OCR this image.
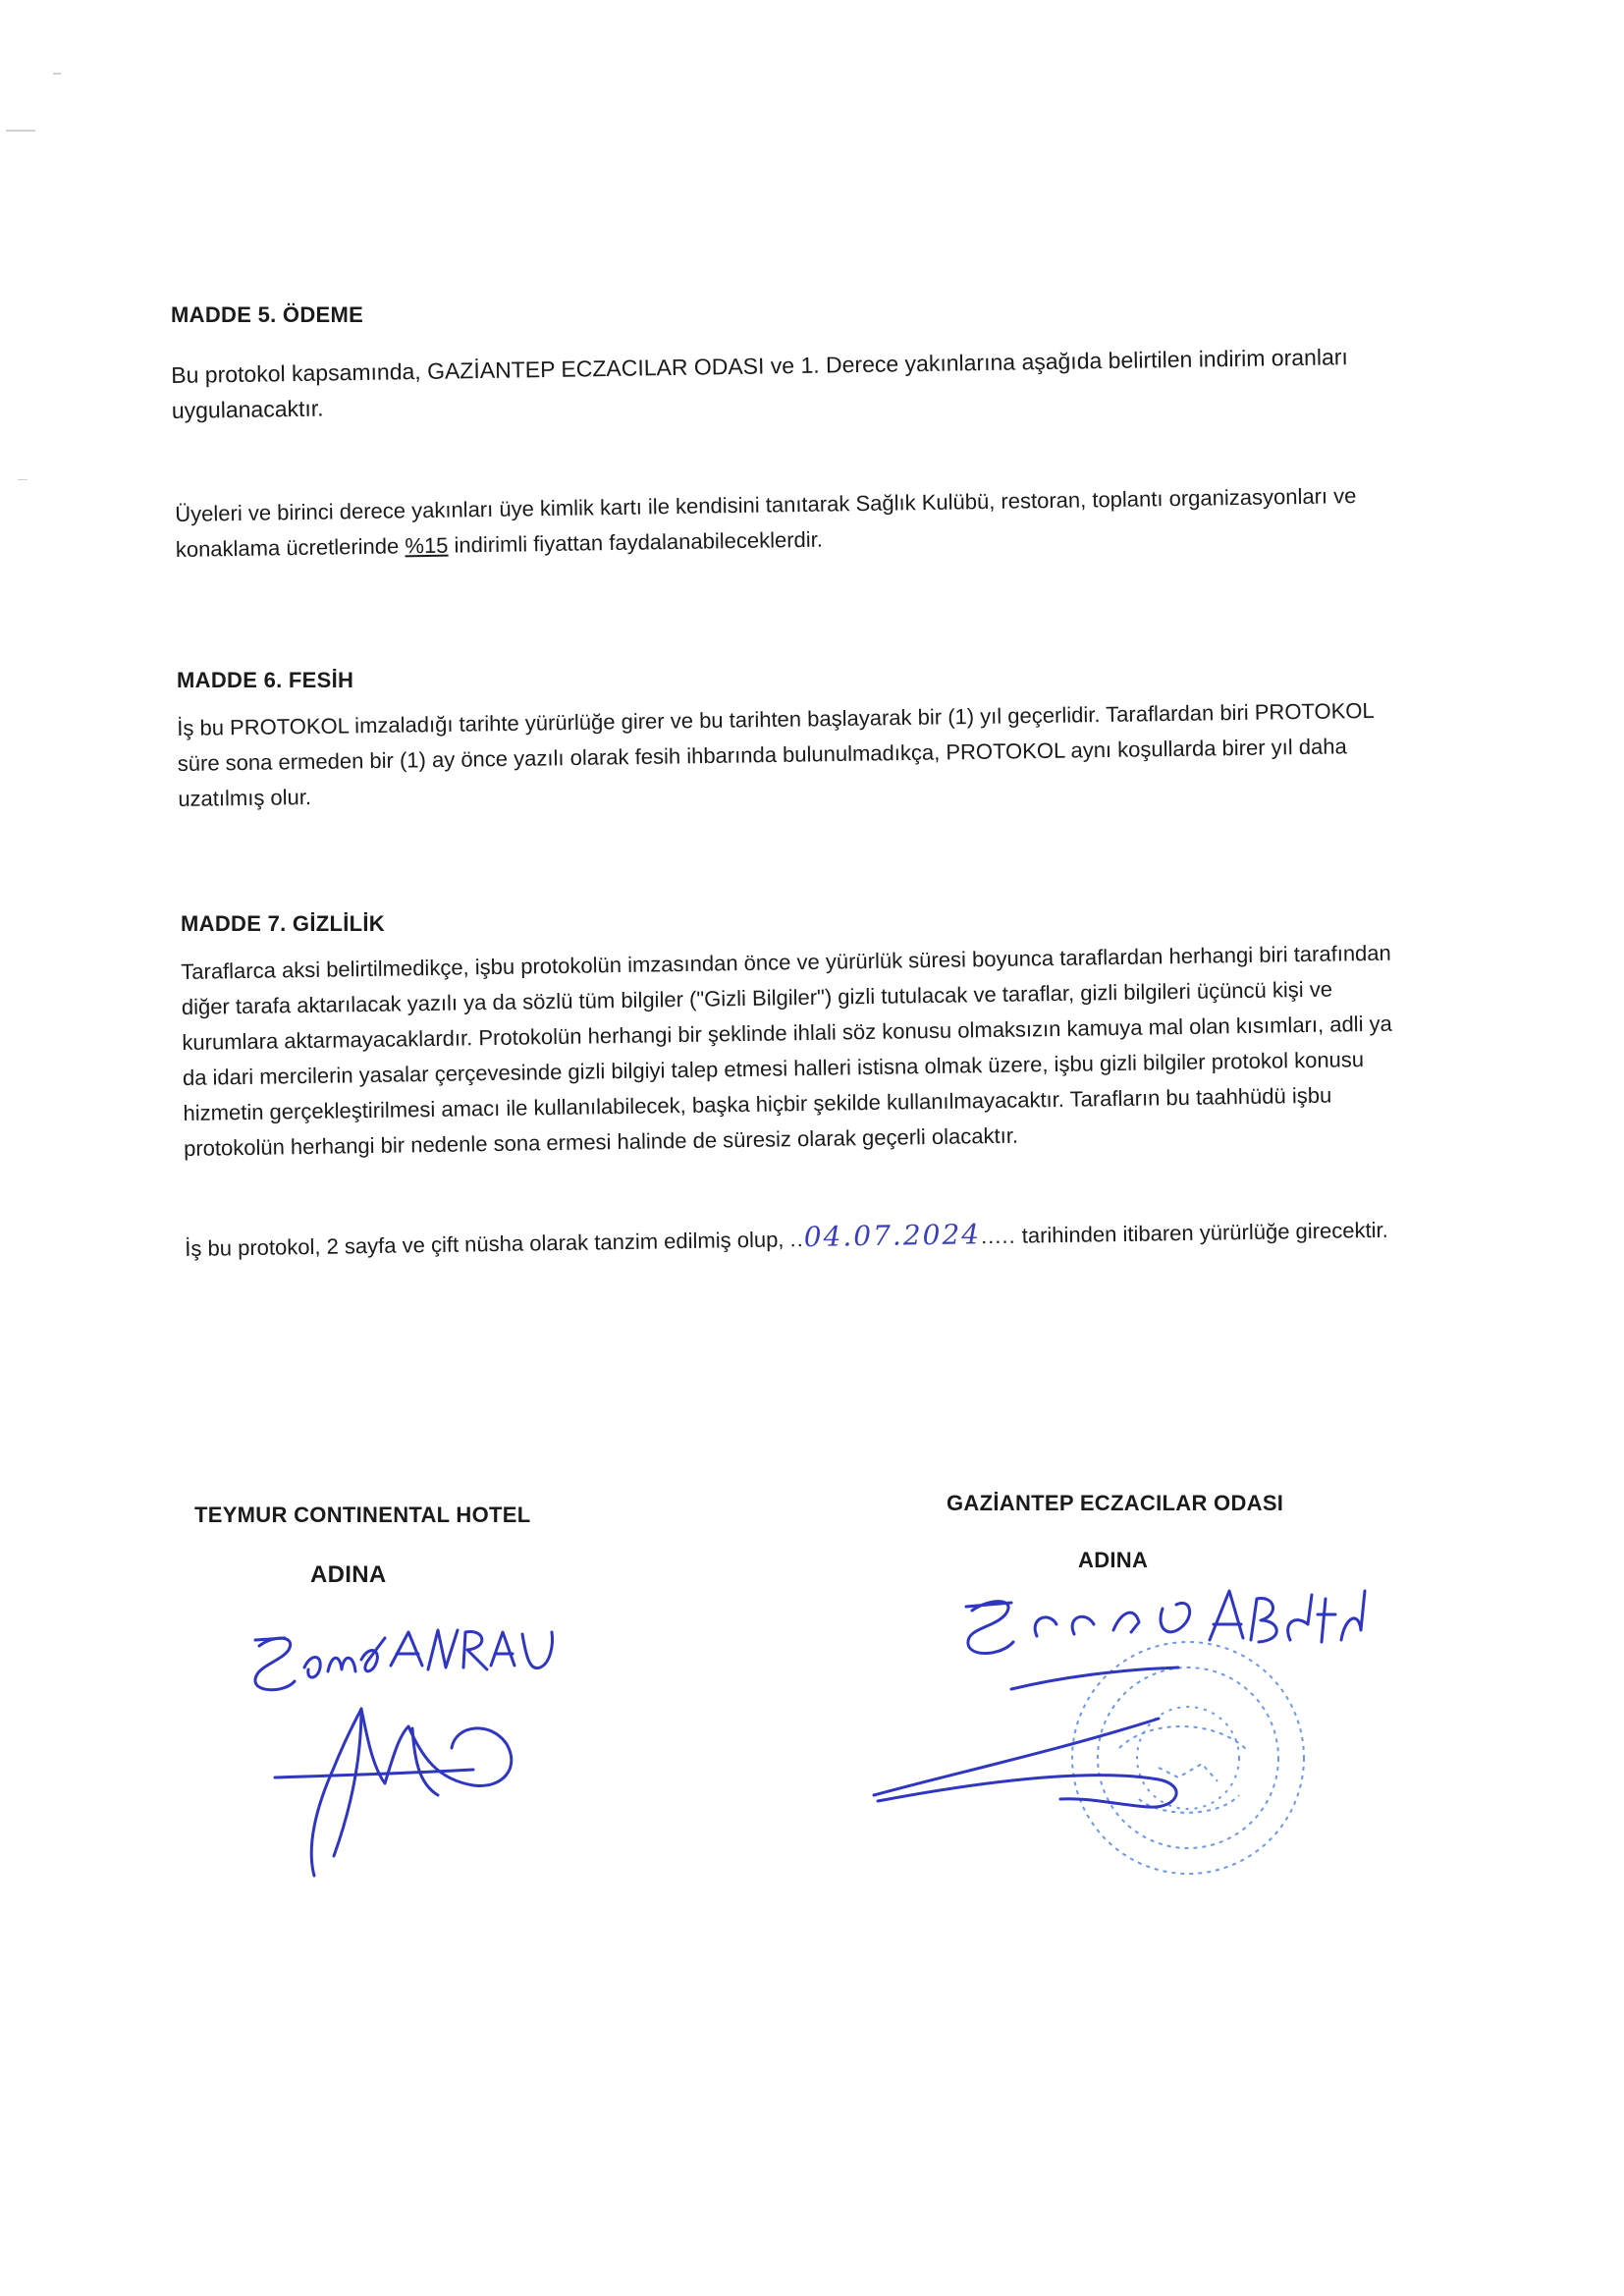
MADDE 5. ÖDEME

Bu protokol kapsamında, GAZİANTEP ECZACILAR ODASI ve 1. Derece yakınlarına aşağıda belirtilen indirim oranları uygulanacaktır.

Üyeleri ve birinci derece yakınları üye kimlik kartı ile kendisini tanıtarak Sağlık Kulübü, restoran, toplantı organizasyonları ve konaklama ücretlerinde %15 indirimli fiyattan faydalanabileceklerdir.

MADDE 6. FESİH

İş bu PROTOKOL imzaladığı tarihte yürürlüğe girer ve bu tarihten başlayarak bir (1) yıl geçerlidir. Taraflardan biri PROTOKOL süre sona ermeden bir (1) ay önce yazılı olarak fesih ihbarında bulunulmadıkça, PROTOKOL aynı koşullarda birer yıl daha uzatılmış olur.

MADDE 7. GİZLİLİK

Taraflarca aksi belirtilmedikçe, işbu protokolün imzasından önce ve yürürlük süresi boyunca taraflardan herhangi biri tarafından diğer tarafa aktarılacak yazılı ya da sözlü tüm bilgiler ("Gizli Bilgiler") gizli tutulacak ve taraflar, gizli bilgileri üçüncü kişi ve kurumlara aktarmayacaklardır. Protokolün herhangi bir şeklinde ihlali söz konusu olmaksızın kamuya mal olan kısımları, adli ya da idari mercilerin yasalar çerçevesinde gizli bilgiyi talep etmesi halleri istisna olmak üzere, işbu gizli bilgiler protokol konusu hizmetin gerçekleştirilmesi amacı ile kullanılabilecek, başka hiçbir şekilde kullanılmayacaktır. Tarafların bu taahhüdü işbu protokolün herhangi bir nedenle sona ermesi halinde de süresiz olarak geçerli olacaktır.

İş bu protokol, 2 sayfa ve çift nüsha olarak tanzim edilmiş olup, ..04.07.2024..... tarihinden itibaren yürürlüğe girecektir.

TEYMUR CONTINENTAL HOTEL
ADINA
GAZİANTEP ECZACILAR ODASI
ADINA
